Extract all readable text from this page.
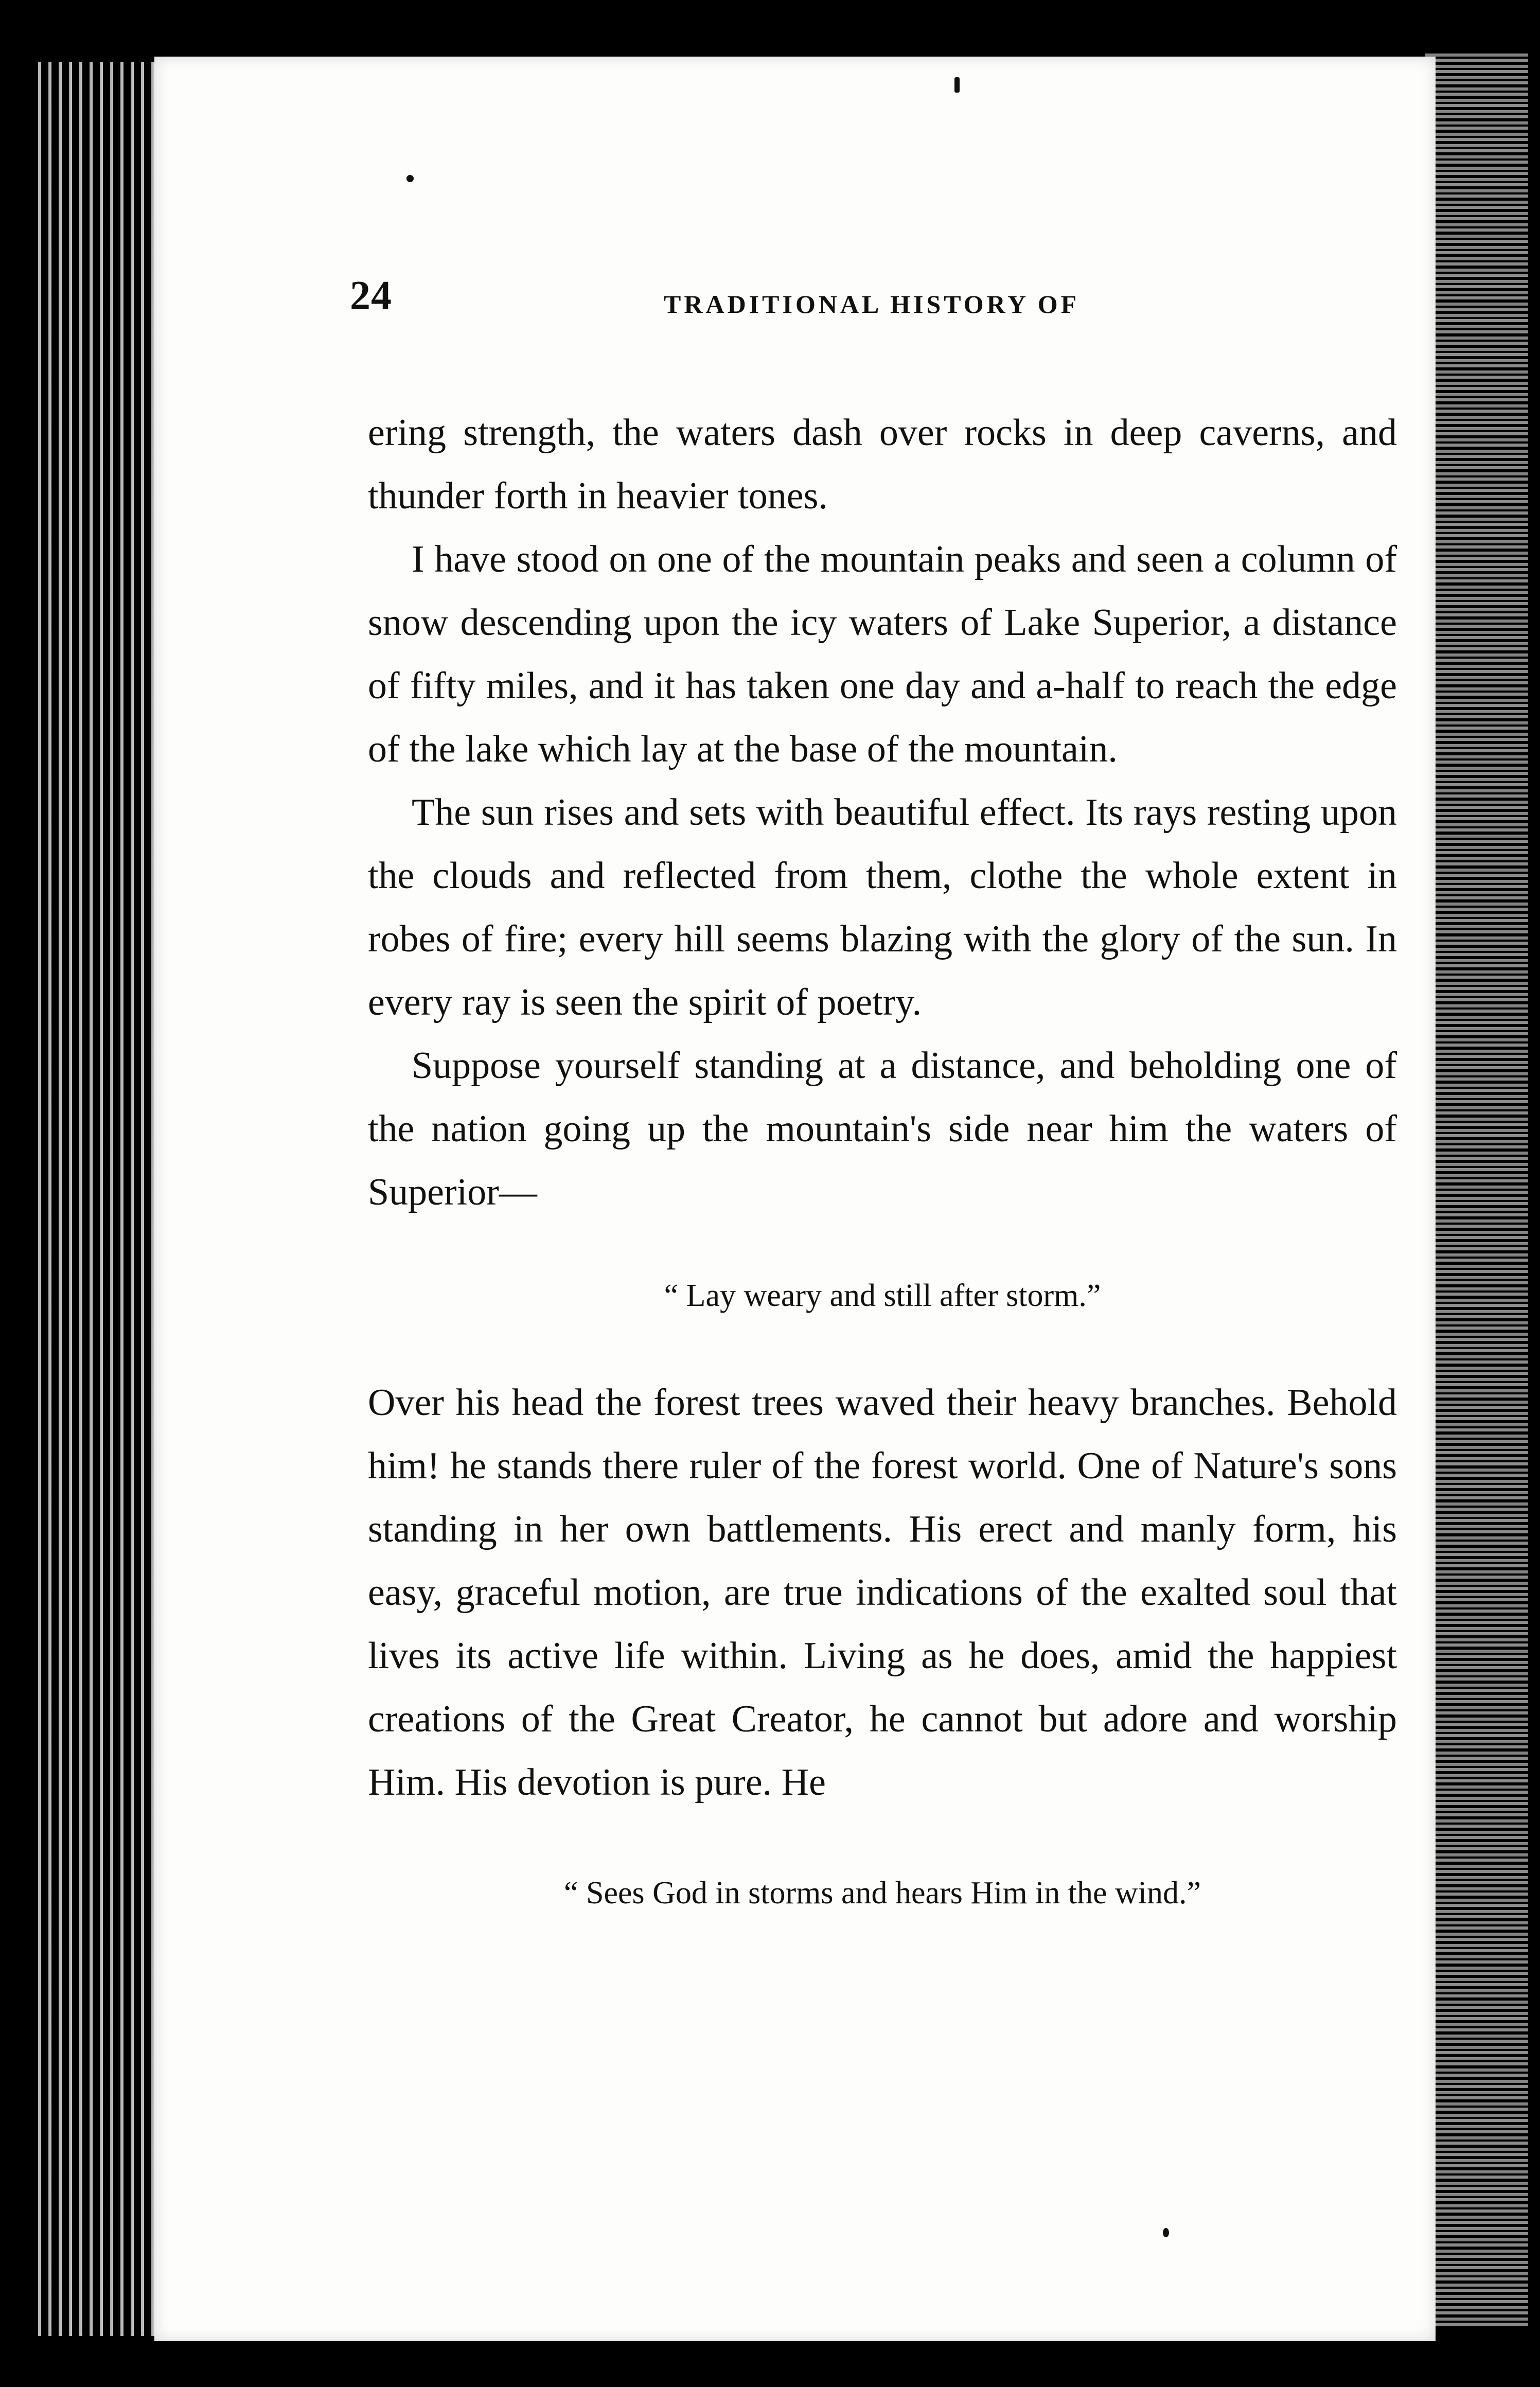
24	TRADITIONAL HISTORY OF

ering strength, the waters dash over rocks in deep caverns, and thunder forth in heavier tones.

I have stood on one of the mountain peaks and seen a column of snow descending upon the icy waters of Lake Superior, a distance of fifty miles, and it has taken one day and a-half to reach the edge of the lake which lay at the base of the mountain.

The sun rises and sets with beautiful effect. Its rays resting upon the clouds and reflected from them, clothe the whole extent in robes of fire; every hill seems blazing with the glory of the sun. In every ray is seen the spirit of poetry.

Suppose yourself standing at a distance, and beholding one of the nation going up the mountain's side near him the waters of Superior—

“ Lay weary and still after storm.”

Over his head the forest trees waved their heavy branches. Behold him! he stands there ruler of the forest world. One of Nature's sons standing in her own battlements. His erect and manly form, his easy, graceful motion, are true indications of the exalted soul that lives its active life within. Living as he does, amid the happiest creations of the Great Creator, he cannot but adore and worship Him. His devotion is pure. He

“ Sees God in storms and hears Him in the wind.”
